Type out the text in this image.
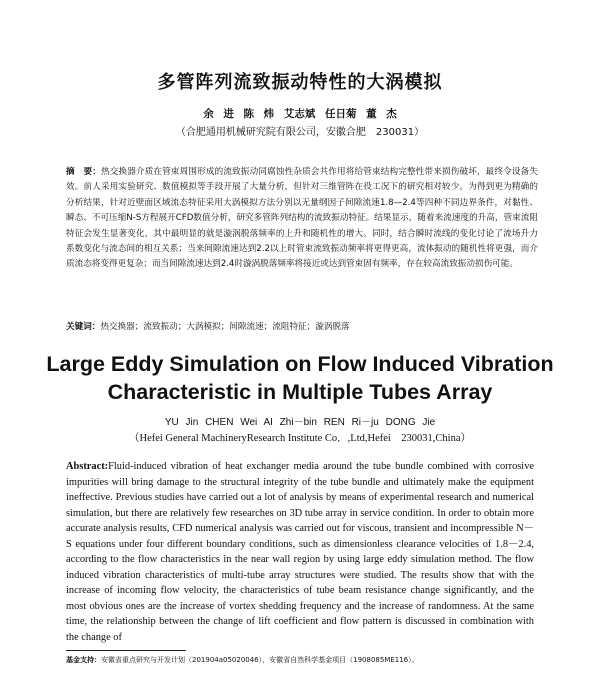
多管阵列流致振动特性的大涡模拟
余 进 陈 炜 艾志斌 任日菊 董 杰
（合肥通用机械研究院有限公司，安徽合肥　230031）
摘　要：热交换器介质在管束周围形成的流致振动同腐蚀性杂质会共作用将给管束结构完整性带来损伤破坏，最终令设备失效。前人采用实验研究、数值模拟等手段开展了大量分析，但针对三维管阵在役工况下的研究相对较少。为得到更为精确的分析结果，针对近壁面区域流态特征采用大涡模拟方法分别以无量纲因子间隙流速1.8—2.4等四种不同边界条件，对黏性、瞬态、不可压缩N-S方程展开CFD数值分析，研究多管阵列结构的流致振动特征。结果显示，随着来流速度的升高，管束流阻特征会发生显著变化，其中最明显的就是漩涡脱落频率的上升和随机性的增大。同时，结合瞬时流线的变化讨论了流场升力系数变化与流态间的相互关系；当来间隙流速达到2.2以上时管束流致振动频率将更得更高，流体振动的随机性将更强，而介质流态将变得更复杂；而当间隙流速达到2.4时漩涡脱落频率将接近或达到管束固有频率，存在较高流致振动损伤可能。
关键词：热交换器；流致振动；大涡模拟；间隙流速；流阻特征；漩涡脱落
Large Eddy Simulation on Flow Induced Vibration
Characteristic in Multiple Tubes Array
YU Jin CHEN Wei AI Zhi－bin REN Ri－ju DONG Jie
（Hefei General MachineryResearch Institute Co．,Ltd,Hefei　230031,China）
Abstract:Fluid-induced vibration of heat exchanger media around the tube bundle combined with corrosive impurities will bring damage to the structural integrity of the tube bundle and ultimately make the equipment ineffective. Previous studies have carried out a lot of analysis by means of experimental research and numerical simulation, but there are relatively few researches on 3D tube array in service condition. In order to obtain more accurate analysis results, CFD numerical analysis was carried out for viscous, transient and incompressible N－S equations under four different boundary conditions, such as dimensionless clearance velocities of 1.8－2.4, according to the flow characteristics in the near wall region by using large eddy simulation method. The flow induced vibration characteristics of multi-tube array structures were studied. The results show that with the increase of incoming flow velocity, the characteristics of tube beam resistance change significantly, and the most obvious ones are the increase of vortex shedding frequency and the increase of randomness. At the same time, the relationship between the change of lift coefficient and flow pattern is discussed in combination with the change of
基金支持：安徽省重点研究与开发计划（201904a05020046），安徽省自然科学基金项目（1908085ME116）。
